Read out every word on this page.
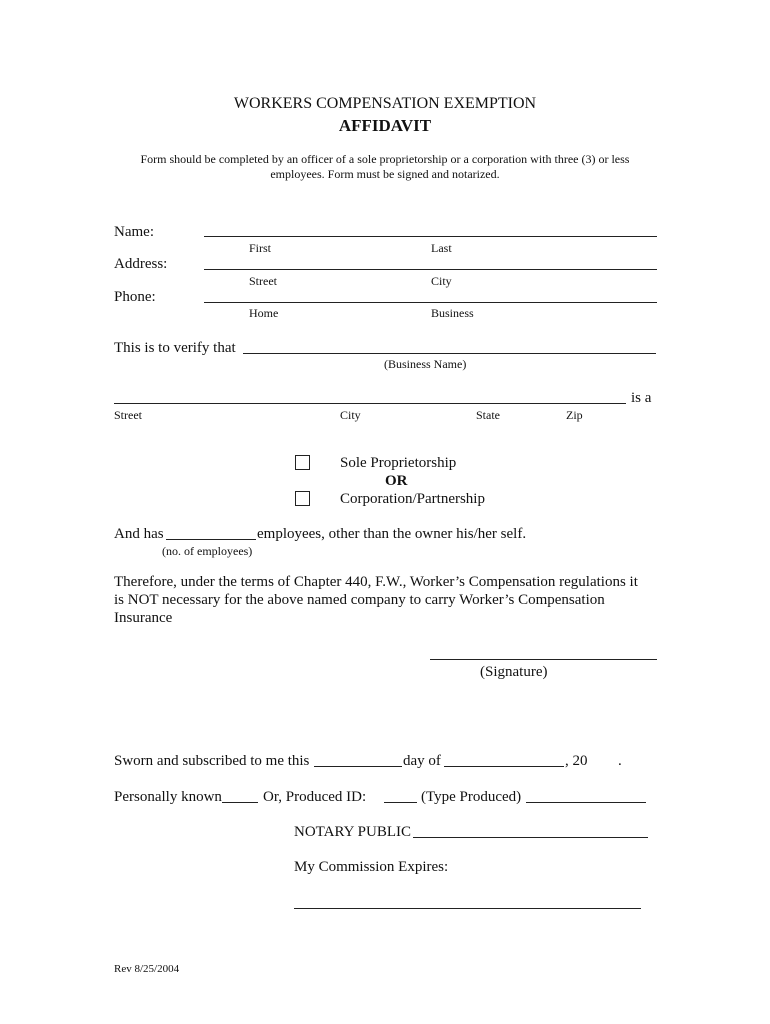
WORKERS COMPENSATION EXEMPTION
AFFIDAVIT
Form should be completed by an officer of a sole proprietorship or a corporation with three (3) or less
employees. Form must be signed and notarized.
Name:
First	Last
Address:
Street	City
Phone:
Home	Business
This is to verify that
(Business Name)
is a
Street	City	State	Zip
Sole Proprietorship
OR
Corporation/Partnership
And has	employees, other than the owner his/her self.
(no. of employees)
Therefore, under the terms of Chapter 440, F.W., Worker’s Compensation regulations it
is NOT necessary for the above named company to carry Worker’s Compensation
Insurance
(Signature)
Sworn and subscribed to me this	day of	, 20 .
Personally known	Or, Produced ID:	(Type Produced)
NOTARY PUBLIC
My Commission Expires:
Rev 8/25/2004
